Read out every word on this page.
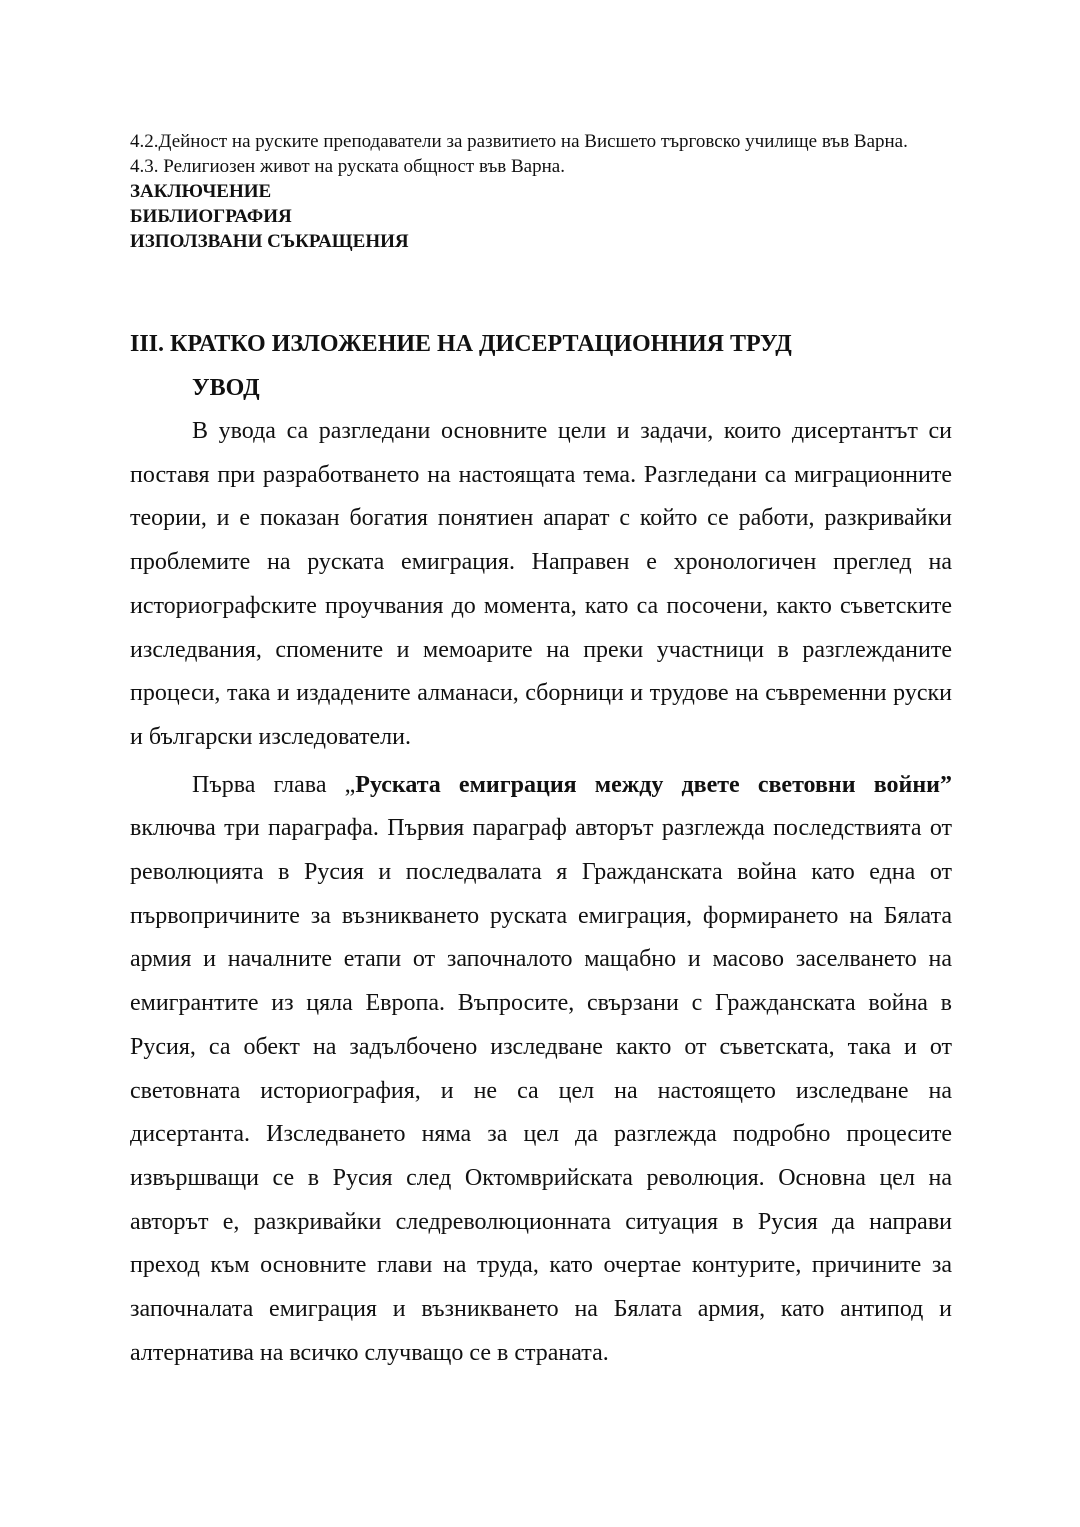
4.2.Дейност на руските преподаватели за развитието на Висшето търговско училище във Варна.

4.3. Религиозен живот на руската общност във Варна.

ЗАКЛЮЧЕНИЕ

БИБЛИОГРАФИЯ

ИЗПОЛЗВАНИ СЪКРАЩЕНИЯ

III. КРАТКО ИЗЛОЖЕНИЕ НА ДИСЕРТАЦИОННИЯ ТРУД
УВОД

В увода са разгледани основните цели и задачи, които дисертантът си поставя при разработването на настоящата тема. Разгледани са миграционните теории, и е показан богатия понятиен апарат с който се работи, разкривайки проблемите на руската емиграция. Направен е хронологичен преглед на историографските проучвания до момента, като са посочени, както съветските изследвания, спомените и мемоарите на преки участници в разглежданите процеси, така и издадените алманаси, сборници и трудове на съвременни руски и български изследователи.

Първа глава „Руската емиграция между двете световни войни” включва три параграфа. Първия параграф авторът разглежда последствията от революцията в Русия и последвалата я Гражданската война като една от първопричините за възникването руската емиграция, формирането на Бялата армия и началните етапи от започналото мащабно и масово заселването на емигрантите из цяла Европа. Въпросите, свързани с Гражданската война в Русия, са обект на задълбочено изследване както от съветската, така и от световната историография, и не са цел на настоящето изследване на дисертанта. Изследването няма за цел да разглежда подробно процесите извършващи се в Русия след Октомврийската революция. Основна цел на авторът е, разкривайки следреволюционната ситуация в Русия да направи преход към основните глави на труда, като очертае контурите, причините за започналата емиграция и възникването на Бялата армия, като антипод и алтернатива на всичко случващо се в страната.
